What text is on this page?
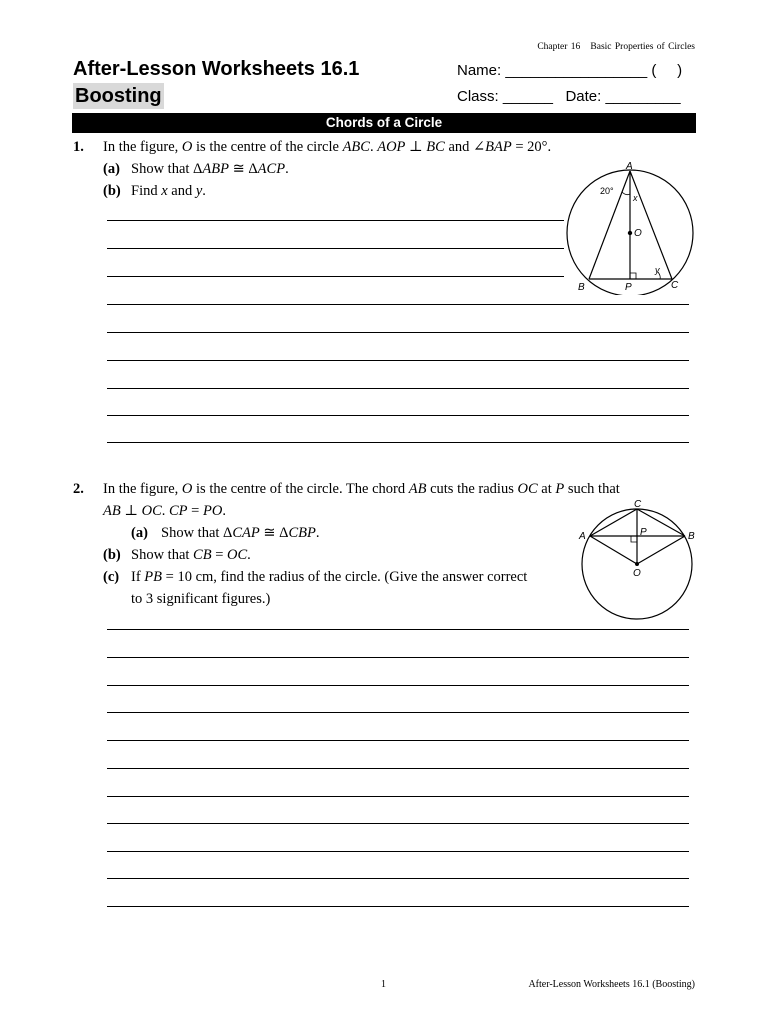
Chapter 16 Basic Properties of Circles
After-Lesson Worksheets 16.1
Boosting
Name: _________________ (     )
Class: ______ Date: _________
Chords of a Circle
1. In the figure, O is the centre of the circle ABC. AOP ⊥ BC and ∠BAP = 20°.
(a) Show that ΔABP ≅ ΔACP.
(b) Find x and y.
A
B	C
O
P
x
y
20°
2. In the figure, O is the centre of the circle. The chord AB cuts the radius OC at P such that
AB ⊥ OC. CP = PO.
(a) Show that ΔCAP ≅ ΔCBP.
(b) Show that CB = OC.
(c) If PB = 10 cm, find the radius of the circle. (Give the answer correct
to 3 significant figures.)
C
A	B
P
O
1	After-Lesson Worksheets 16.1 (Boosting)
